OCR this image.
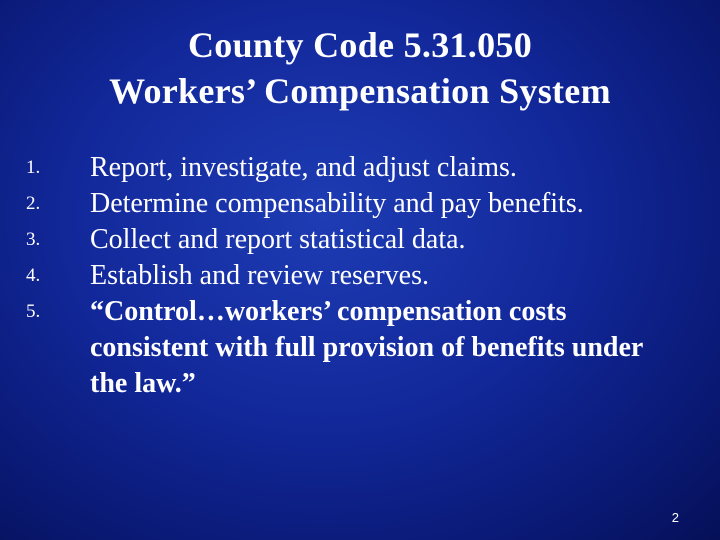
County Code 5.31.050
Workers’ Compensation System
1.	Report, investigate, and adjust claims.
2.	Determine compensability and pay benefits.
3.	Collect and report statistical data.
4.	Establish and review reserves.
5.	“Control…workers’ compensation costs consistent with full provision of benefits under the law.”
2
